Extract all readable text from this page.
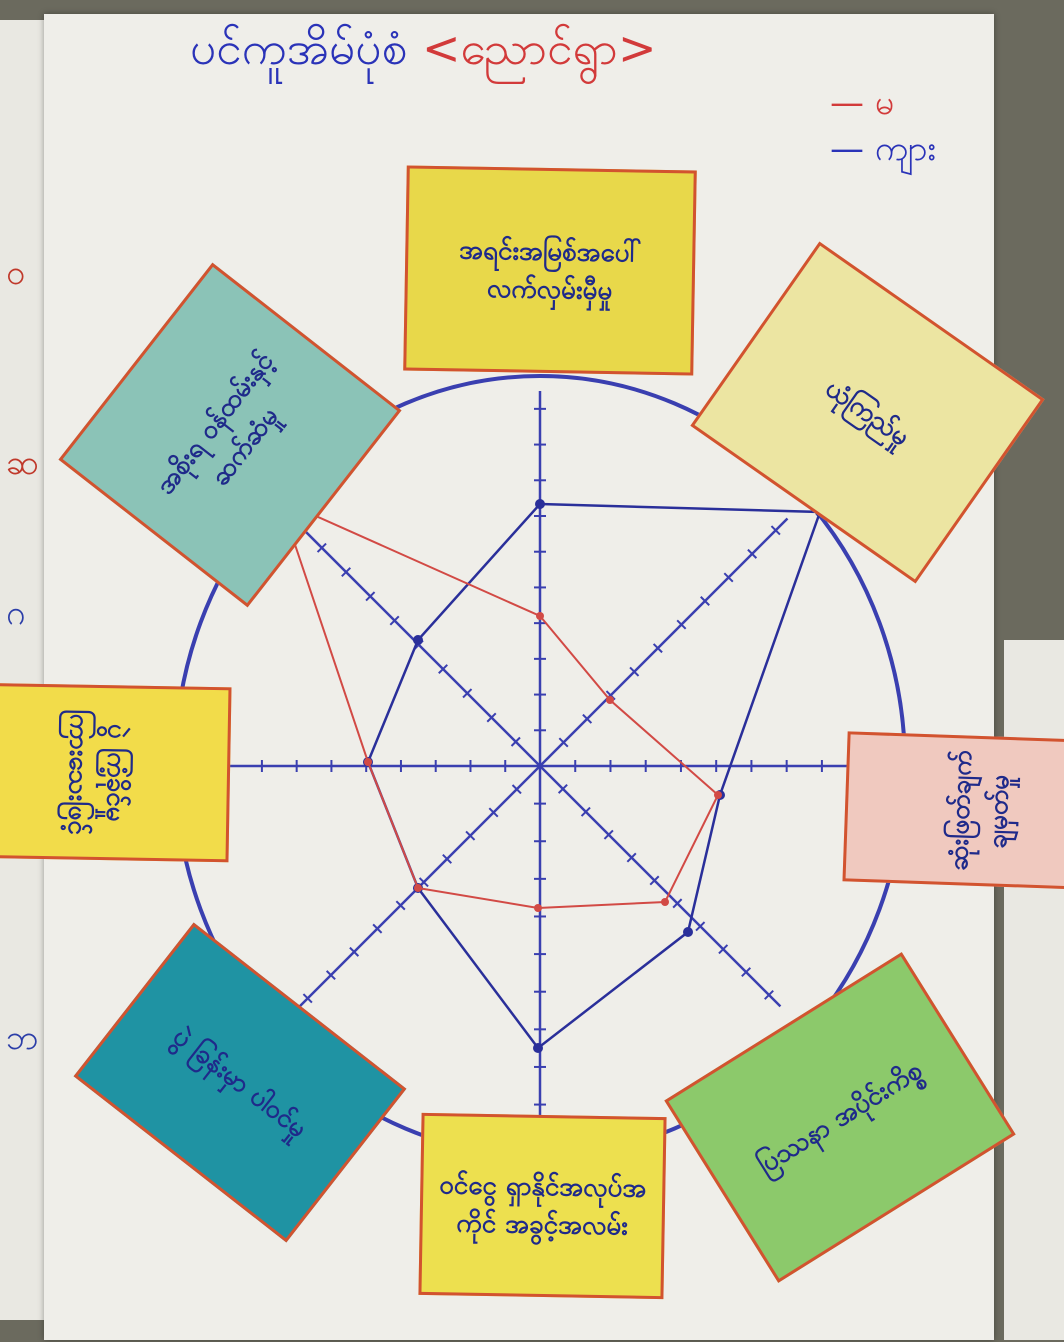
ဝ
ဆ
ဂ
ဘ
ပင်ကူအိမ်ပုံစံ <ညောင်ရွာ>
— မ
— ကျား
အရင်းအမြစ်အပေါ် လက်လှမ်းမှီမှု
ယုံကြည်မှု
ဆုံးဖြတ်ချက်ချမှတ်မှု
ပြဿနာ အပိုင်းကိစ္စ
ဝင်ငွေ ရှာနိုင်အလုပ်အ ကိုင် အခွင့်အလမ်း
ပွဲ ခြန်းမှာ ပါဝင်မှု
ပွဲ ကြံ့ခိုင်မှု ကြားသေးဖြင့်
အစိုးရ ဝန်ထမ်းနှင့် ဆက်ဆံမှု
